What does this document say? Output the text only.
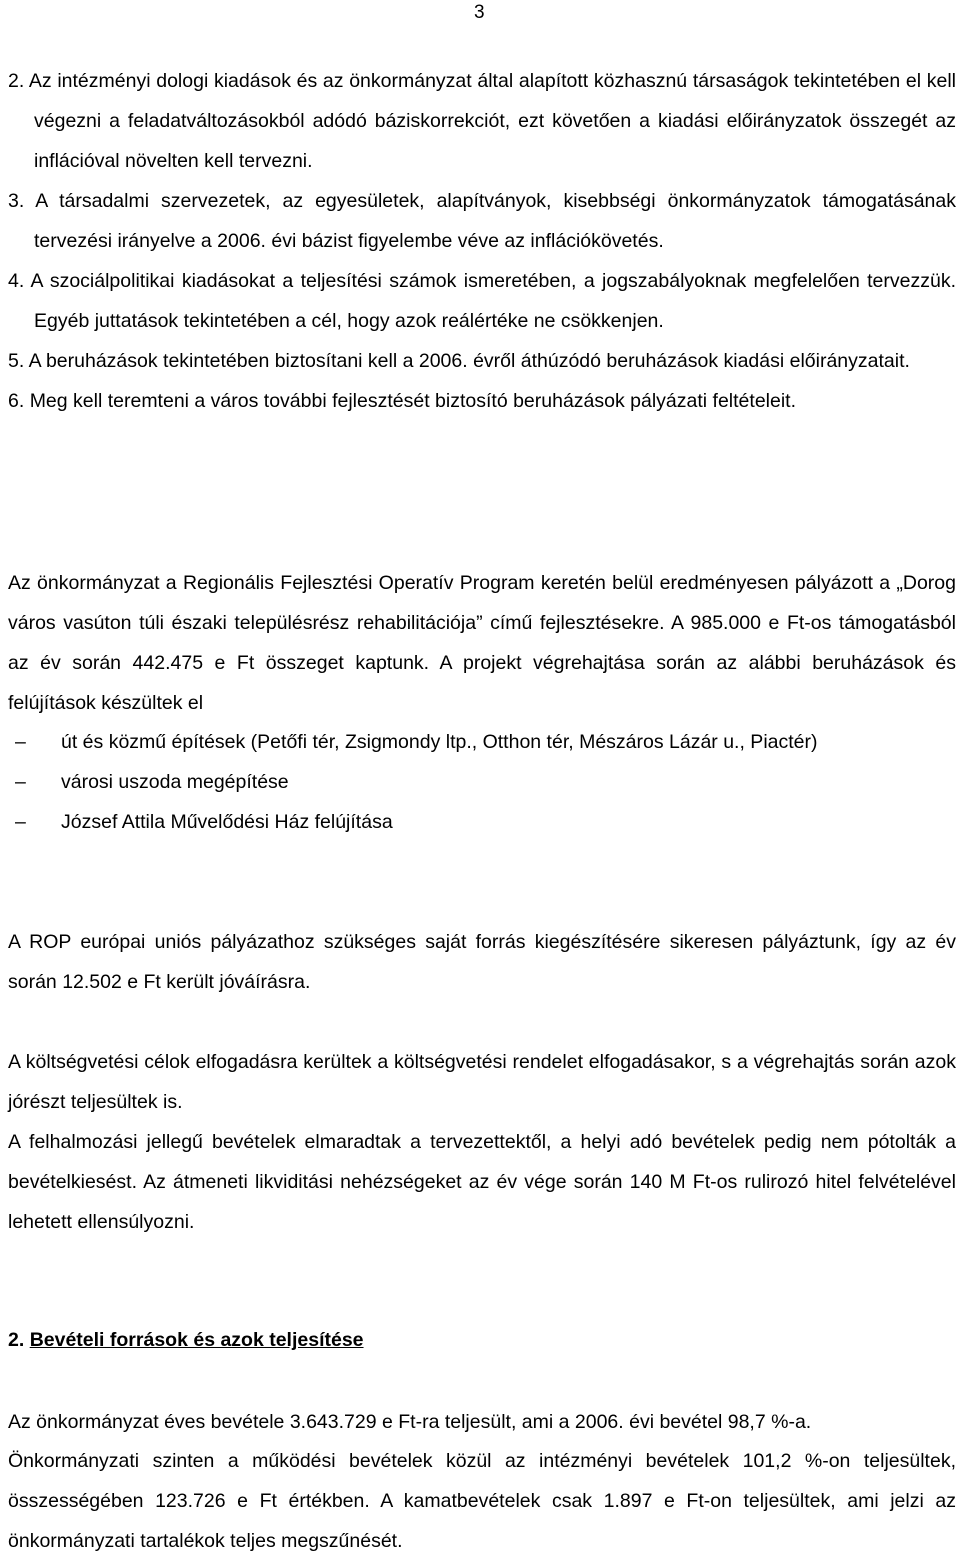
3
2. Az intézményi dologi kiadások és az önkormányzat által alapított közhasznú társaságok tekintetében el kell végezni a feladatváltozásokból adódó báziskorrekciót, ezt követően a kiadási előirányzatok összegét az inflációval növelten kell tervezni.
3. A társadalmi szervezetek, az egyesületek, alapítványok, kisebbségi önkormányzatok támogatásának tervezési irányelve a 2006. évi bázist figyelembe véve az inflációkövetés.
4. A szociálpolitikai kiadásokat a teljesítési számok ismeretében, a jogszabályoknak megfelelően tervezzük. Egyéb juttatások tekintetében a cél, hogy azok reálértéke ne csökkenjen.
5. A beruházások tekintetében biztosítani kell a 2006. évről áthúzódó beruházások kiadási előirányzatait.
6. Meg kell teremteni a város további fejlesztését biztosító beruházások pályázati feltételeit.
Az önkormányzat a Regionális Fejlesztési Operatív Program keretén belül eredményesen pályázott a „Dorog város vasúton túli északi településrész rehabilitációja” című fejlesztésekre. A 985.000 e Ft-os támogatásból az év során 442.475 e Ft összeget kaptunk. A projekt végrehajtása során az alábbi beruházások és felújítások készültek el
– út és közmű építések (Petőfi tér, Zsigmondy ltp., Otthon tér, Mészáros Lázár u., Piactér)
– városi uszoda megépítése
– József Attila Művelődési Ház felújítása
A ROP európai uniós pályázathoz szükséges saját forrás kiegészítésére sikeresen pályáztunk, így az év során 12.502 e Ft került jóváírásra.
A költségvetési célok elfogadásra kerültek a költségvetési rendelet elfogadásakor, s a végrehajtás során azok jórészt teljesültek is.
A felhalmozási jellegű bevételek elmaradtak a tervezettektől, a helyi adó bevételek pedig nem pótolták a bevételkiesést. Az átmeneti likviditási nehézségeket az év vége során 140 M Ft-os rulirozó hitel felvételével lehetett ellensúlyozni.
2. Bevételi források és azok teljesítése
Az önkormányzat éves bevétele 3.643.729 e Ft-ra teljesült, ami a 2006. évi bevétel 98,7 %-a.
Önkormányzati szinten a működési bevételek közül az intézményi bevételek 101,2 %-on teljesültek, összességében 123.726 e Ft értékben. A kamatbevételek csak 1.897 e Ft-on teljesültek, ami jelzi az önkormányzati tartalékok teljes megszűnését.
